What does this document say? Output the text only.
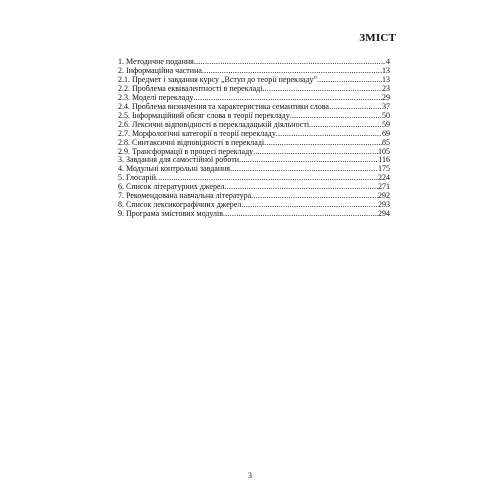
ЗМІСТ
1. Методичне подання .....	4
2. Інформаційна частина .....	13
2.1. Предмет і завдання курсу „Вступ до теорії перекладу” .....	13
2.2. Проблема еквівалентності в перекладі .....	23
2.3. Моделі перекладу .....	29
2.4. Проблема визначення та характеристика семантики слова .....	37
2.5. Інформаційний обсяг слова в теорії перекладу .....	50
2.6. Лексичні відповідності в перекладацькій діяльності .....	59
2.7. Морфологічні категорії в теорії перекладу .....	69
2.8. Синтаксичні відповідності в перекладі .....	85
2.9. Трансформації в процесі перекладу .....	105
3. Завдання для самостійної роботи .....	116
4. Модульні контрольні завдання .....	175
5. Глосарій .....	224
6. Список літературних джерел .....	271
7. Рекомендована навчальна література .....	292
8. Список лексикографічних джерел .....	293
9. Програма змістових модулів .....	294
3
